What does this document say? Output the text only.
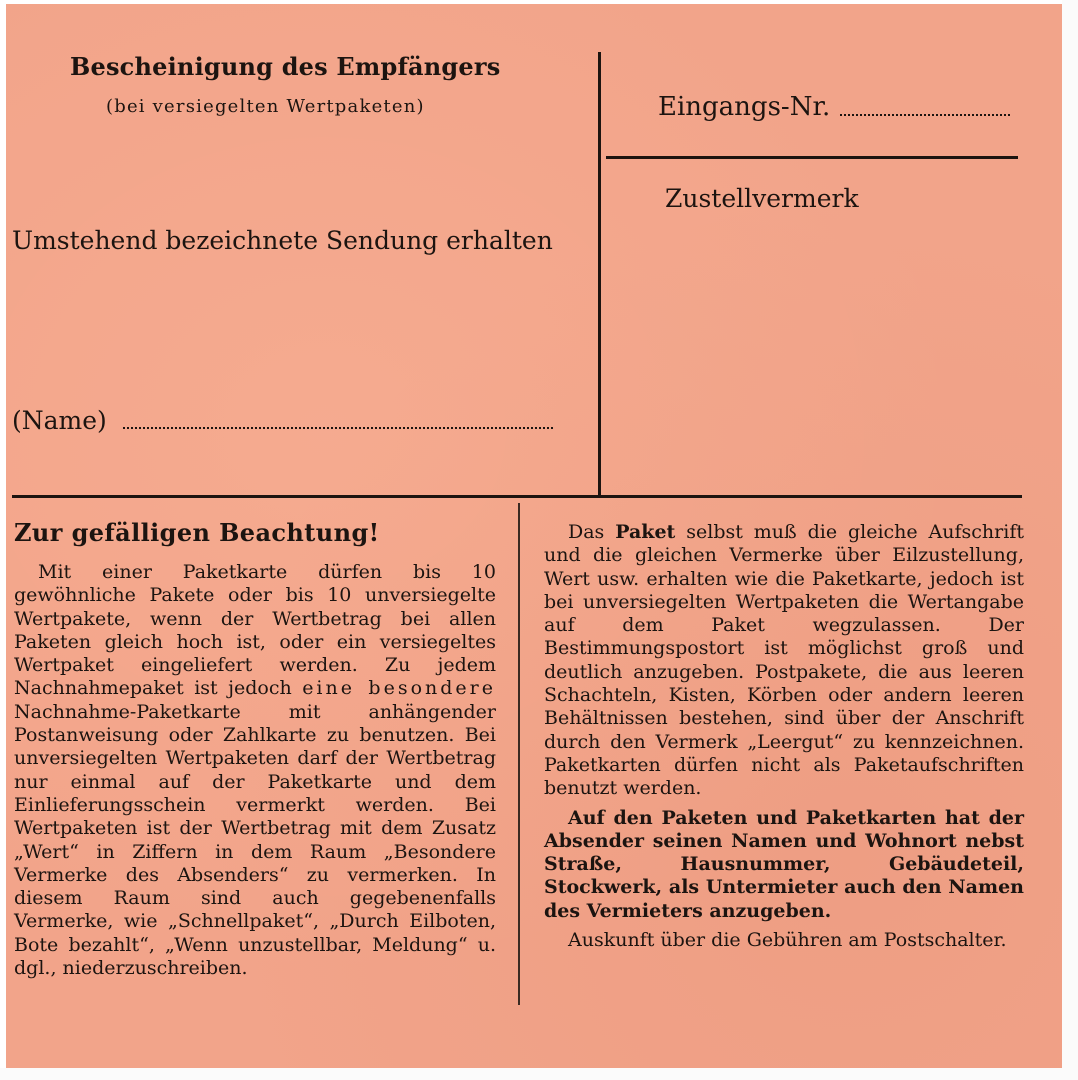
Bescheinigung des Empfängers
(bei versiegelten Wertpaketen)
Umstehend bezeichnete Sendung erhalten
(Name)
Eingangs-Nr.
Zustellvermerk
Zur gefälligen Beachtung!

Mit einer Paketkarte dürfen bis 10 gewöhnliche Pakete oder bis 10 unversiegelte Wertpakete, wenn der Wertbetrag bei allen Paketen gleich hoch ist, oder ein versiegeltes Wertpaket eingeliefert werden. Zu jedem Nachnahmepaket ist jedoch eine besondere Nachnahme-Paketkarte mit anhängender Postanweisung oder Zahlkarte zu benutzen. Bei unversiegelten Wertpaketen darf der Wertbetrag nur einmal auf der Paketkarte und dem Einlieferungsschein vermerkt werden. Bei Wertpaketen ist der Wertbetrag mit dem Zusatz „Wert“ in Ziffern in dem Raum „Besondere Vermerke des Absenders“ zu vermerken. In diesem Raum sind auch gegebenenfalls Vermerke, wie „Schnellpaket“, „Durch Eilboten, Bote bezahlt“, „Wenn unzustellbar, Meldung“ u. dgl., niederzuschreiben.

Das Paket selbst muß die gleiche Aufschrift und die gleichen Vermerke über Eilzustellung, Wert usw. erhalten wie die Paketkarte, jedoch ist bei unversiegelten Wertpaketen die Wertangabe auf dem Paket wegzulassen. Der Bestimmungspostort ist möglichst groß und deutlich anzugeben. Postpakete, die aus leeren Schachteln, Kisten, Körben oder andern leeren Behältnissen bestehen, sind über der Anschrift durch den Vermerk „Leergut“ zu kennzeichnen. Paketkarten dürfen nicht als Paketaufschriften benutzt werden.

Auf den Paketen und Paketkarten hat der Absender seinen Namen und Wohnort nebst Straße, Hausnummer, Gebäudeteil, Stockwerk, als Untermieter auch den Namen des Vermieters anzugeben.

Auskunft über die Gebühren am Postschalter.
